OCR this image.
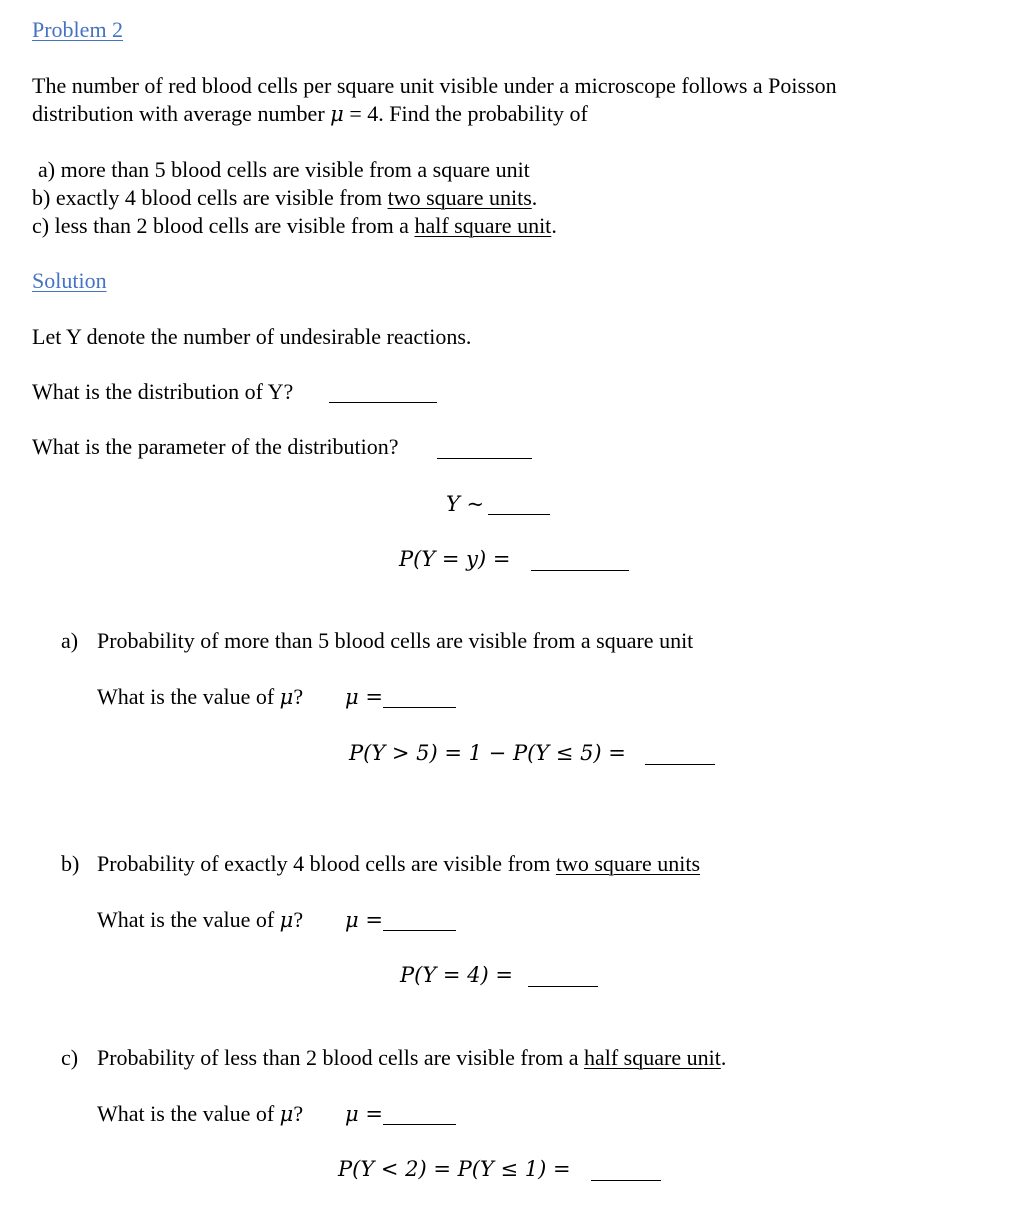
Problem 2
The number of red blood cells per square unit visible under a microscope follows a Poisson
distribution with average number μ = 4. Find the probability of
a) more than 5 blood cells are visible from a square unit
b) exactly 4 blood cells are visible from two square units.
c) less than 2 blood cells are visible from a half square unit.
Solution
Let Y denote the number of undesirable reactions.
What is the distribution of Y?
What is the parameter of the distribution?
Y ~
P(Y = y) =
a) Probability of more than 5 blood cells are visible from a square unit
What is the value of μ? μ =
P(Y > 5) = 1 − P(Y ≤ 5) =
b) Probability of exactly 4 blood cells are visible from two square units
What is the value of μ? μ =
P(Y = 4) =
c) Probability of less than 2 blood cells are visible from a half square unit.
What is the value of μ? μ =
P(Y < 2) = P(Y ≤ 1) =
